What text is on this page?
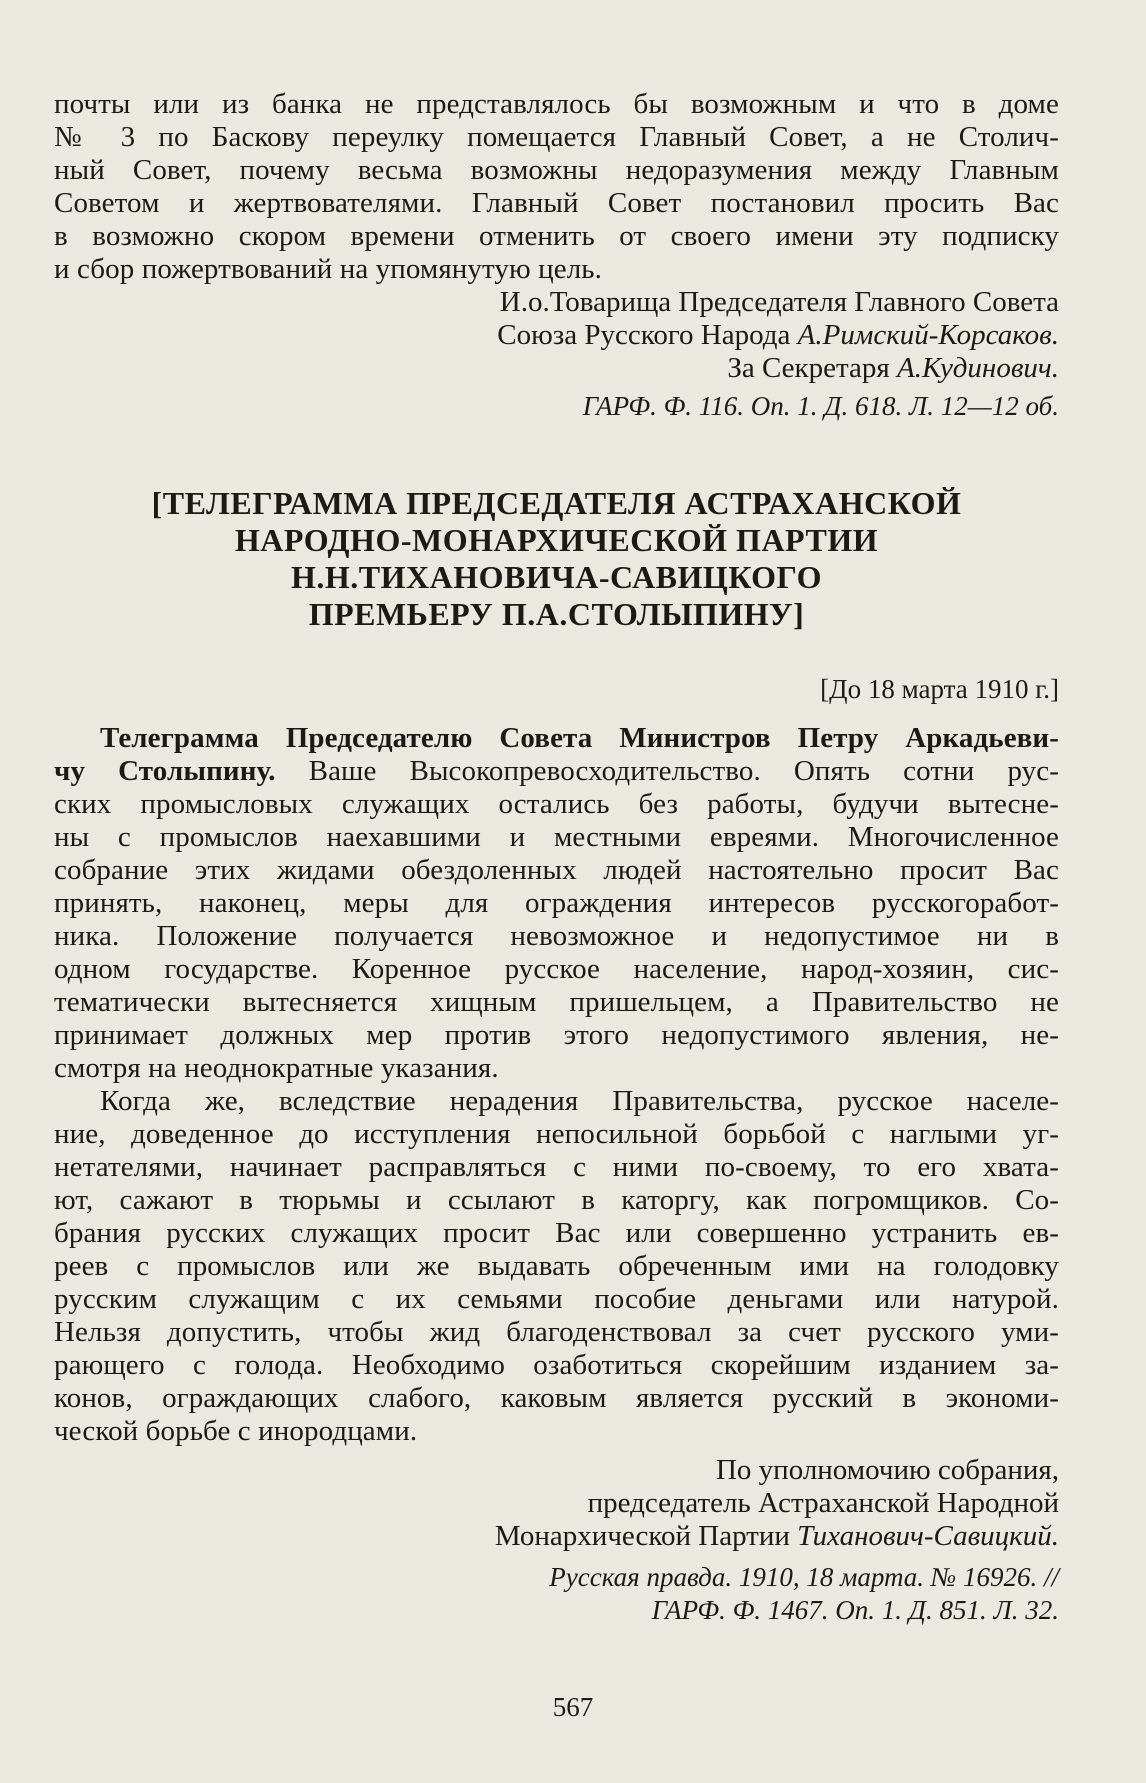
почты или из банка не представлялось бы возможным и что в доме
№ 3 по Баскову переулку помещается Главный Совет, а не Столич-
ный Совет, почему весьма возможны недоразумения между Главным
Советом и жертвователями. Главный Совет постановил просить Вас
в возможно скором времени отменить от своего имени эту подписку
и сбор пожертвований на упомянутую цель.

И.о.Товарища Председателя Главного Совета

Союза Русского Народа А.Римский-Корсаков.

За Секретаря А.Кудинович.

ГАРФ. Ф. 116. Оп. 1. Д. 618. Л. 12—12 об.

[ТЕЛЕГРАММА ПРЕДСЕДАТЕЛЯ АСТРАХАНСКОЙ

НАРОДНО-МОНАРХИЧЕСКОЙ ПАРТИИ

Н.Н.ТИХАНОВИЧА-САВИЦКОГО

ПРЕМЬЕРУ П.А.СТОЛЫПИНУ]

[До 18 марта 1910 г.]

Телеграмма Председателю Совета Министров Петру Аркадьеви-
чу Столыпину. Ваше Высокопревосходительство. Опять сотни рус-
ских промысловых служащих остались без работы, будучи вытесне-
ны с промыслов наехавшими и местными евреями. Многочисленное
собрание этих жидами обездоленных людей настоятельно просит Вас
принять, наконец, меры для ограждения интересов русскогоработ-
ника. Положение получается невозможное и недопустимое ни в
одном государстве. Коренное русское население, народ-хозяин, сис-
тематически вытесняется хищным пришельцем, а Правительство не
принимает должных мер против этого недопустимого явления, не-
смотря на неоднократные указания.
Когда же, вследствие нерадения Правительства, русское населе-
ние, доведенное до исступления непосильной борьбой с наглыми уг-
нетателями, начинает расправляться с ними по-своему, то его хвата-
ют, сажают в тюрьмы и ссылают в каторгу, как погромщиков. Со-
брания русских служащих просит Вас или совершенно устранить ев-
реев с промыслов или же выдавать обреченным ими на голодовку
русским служащим с их семьями пособие деньгами или натурой.
Нельзя допустить, чтобы жид благоденствовал за счет русского уми-
рающего с голода. Необходимо озаботиться скорейшим изданием за-
конов, ограждающих слабого, каковым является русский в экономи-
ческой борьбе с инородцами.

По уполномочию собрания,

председатель Астраханской Народной

Монархической Партии Тиханович-Савицкий.

Русская правда. 1910, 18 марта. № 16926. //

ГАРФ. Ф. 1467. Оп. 1. Д. 851. Л. 32.

567
